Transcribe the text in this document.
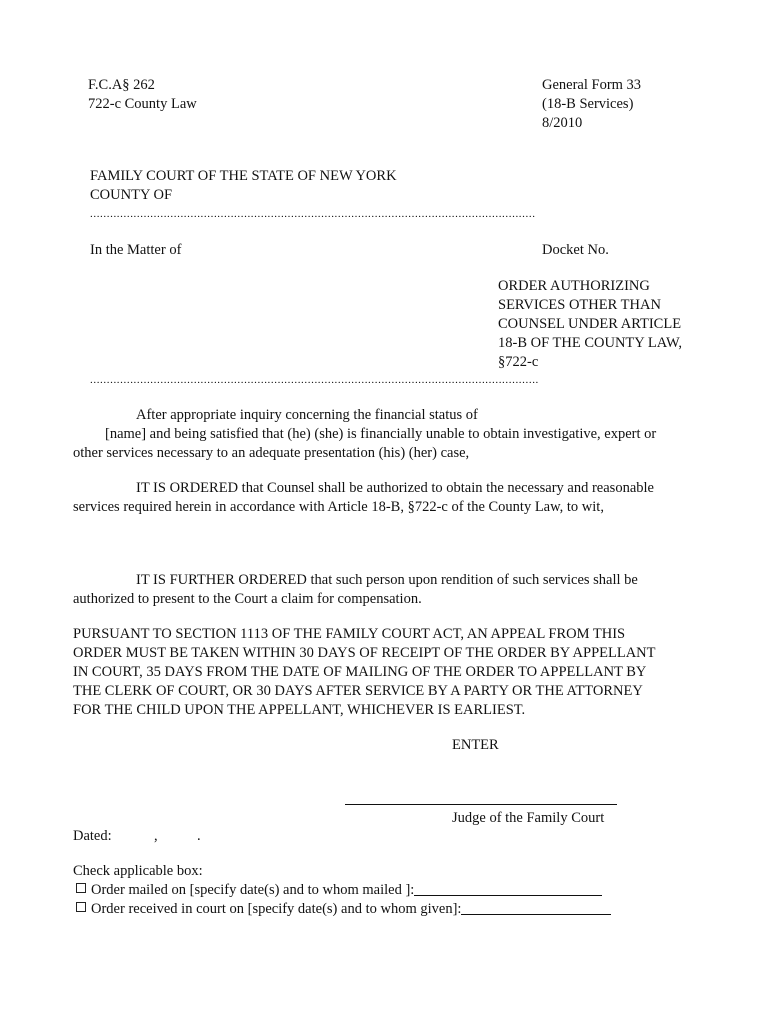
F.C.A§ 262
722-c County Law
General Form 33
(18-B Services)
8/2010
FAMILY COURT OF THE STATE OF NEW YORK
COUNTY OF
.....................................................................................................................................
In the Matter of	Docket No.
ORDER AUTHORIZING
SERVICES OTHER THAN
COUNSEL UNDER ARTICLE
18-B OF THE COUNTY LAW,
§722-c
......................................................................................................................................
After appropriate inquiry concerning the financial status of
[name] and being satisfied that (he) (she) is financially unable to obtain investigative, expert or
other services necessary to an adequate presentation (his) (her) case,
IT IS ORDERED that Counsel shall be authorized to obtain the necessary and reasonable
services required herein in accordance with Article 18-B, §722-c of the County Law, to wit,
IT IS FURTHER ORDERED that such person upon rendition of such services shall be
authorized to present to the Court a claim for compensation.
PURSUANT TO SECTION 1113 OF THE FAMILY COURT ACT, AN APPEAL FROM THIS
ORDER MUST BE TAKEN WITHIN 30 DAYS OF RECEIPT OF THE ORDER BY APPELLANT
IN COURT, 35 DAYS FROM THE DATE OF MAILING OF THE ORDER TO APPELLANT BY
THE CLERK OF COURT, OR 30 DAYS AFTER SERVICE BY A PARTY OR THE ATTORNEY
FOR THE CHILD UPON THE APPELLANT, WHICHEVER IS EARLIEST.
ENTER
Judge of the Family Court
Dated:	,	.
Check applicable box:
Order mailed on [specify date(s) and to whom mailed ]:
Order received in court on [specify date(s) and to whom given]:
